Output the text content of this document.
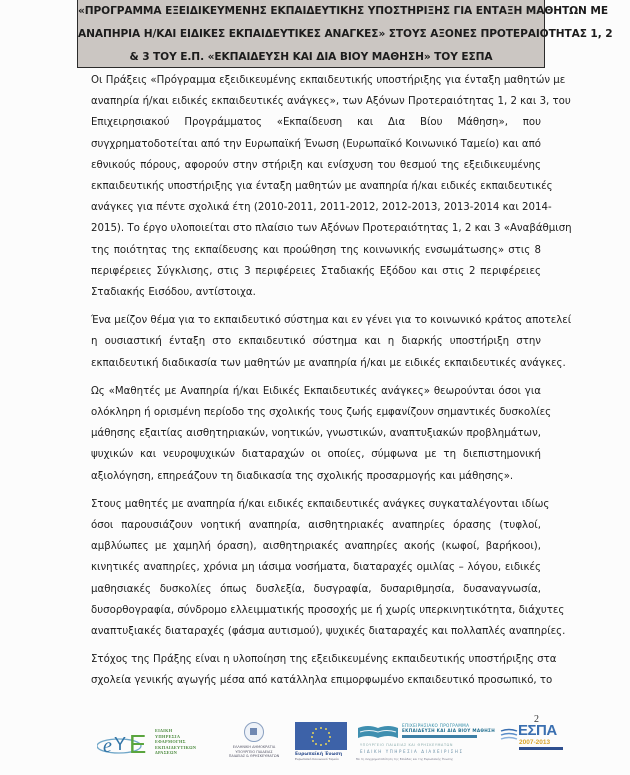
«ΠΡΟΓΡΑΜΜΑ ΕΞΕΙΔΙΚΕΥΜΕΝΗΣ ΕΚΠΑΙΔΕΥΤΙΚΗΣ ΥΠΟΣΤΗΡΙΞΗΣ ΓΙΑ ΕΝΤΑΞΗ ΜΑΘΗΤΩΝ ΜΕ
ΑΝΑΠΗΡΙΑ Η/ΚΑΙ ΕΙΔΙΚΕΣ ΕΚΠΑΙΔΕΥΤΙΚΕΣ ΑΝΑΓΚΕΣ» ΣΤΟΥΣ ΑΞΟΝΕΣ ΠΡΟΤΕΡΑΙΟΤΗΤΑΣ 1, 2
& 3 ΤΟΥ Ε.Π. «ΕΚΠΑΙΔΕΥΣΗ ΚΑΙ ΔΙΑ ΒΙΟΥ ΜΑΘΗΣΗ» ΤΟΥ ΕΣΠΑ
Οι Πράξεις «Πρόγραμμα εξειδικευμένης εκπαιδευτικής υποστήριξης για ένταξη μαθητών με
αναπηρία ή/και ειδικές εκπαιδευτικές ανάγκες», των Αξόνων Προτεραιότητας 1, 2 και 3, του
Επιχειρησιακού Προγράμματος «Εκπαίδευση και Δια Βίου Μάθηση», που
συγχρηματοδοτείται από την Ευρωπαϊκή Ένωση (Ευρωπαϊκό Κοινωνικό Ταμείο) και από
εθνικούς πόρους, αφορούν στην στήριξη και ενίσχυση του θεσμού της εξειδικευμένης
εκπαιδευτικής υποστήριξης για ένταξη μαθητών με αναπηρία ή/και ειδικές εκπαιδευτικές
ανάγκες για πέντε σχολικά έτη (2010-2011, 2011-2012, 2012-2013, 2013-2014 και 2014-
2015). Το έργο υλοποιείται στο πλαίσιο των Αξόνων Προτεραιότητας 1, 2 και 3 «Αναβάθμιση
της ποιότητας της εκπαίδευσης και προώθηση της κοινωνικής ενσωμάτωσης» στις 8
περιφέρειες Σύγκλισης, στις 3 περιφέρειες Σταδιακής Εξόδου και στις 2 περιφέρειες
Σταδιακής Εισόδου, αντίστοιχα.
Ένα μείζον θέμα για το εκπαιδευτικό σύστημα και εν γένει για το κοινωνικό κράτος αποτελεί
η ουσιαστική ένταξη στο εκπαιδευτικό σύστημα και η διαρκής υποστήριξη στην
εκπαιδευτική διαδικασία των μαθητών με αναπηρία ή/και με ειδικές εκπαιδευτικές ανάγκες.
Ως «Μαθητές με Αναπηρία ή/και Ειδικές Εκπαιδευτικές ανάγκες» θεωρούνται όσοι για
ολόκληρη ή ορισμένη περίοδο της σχολικής τους ζωής εμφανίζουν σημαντικές δυσκολίες
μάθησης εξαιτίας αισθητηριακών, νοητικών, γνωστικών, αναπτυξιακών προβλημάτων,
ψυχικών και νευροψυχικών διαταραχών οι οποίες, σύμφωνα με τη διεπιστημονική
αξιολόγηση, επηρεάζουν τη διαδικασία της σχολικής προσαρμογής και μάθησης».
Στους μαθητές με αναπηρία ή/και ειδικές εκπαιδευτικές ανάγκες συγκαταλέγονται ιδίως
όσοι παρουσιάζουν νοητική αναπηρία, αισθητηριακές αναπηρίες όρασης (τυφλοί,
αμβλύωπες με χαμηλή όραση), αισθητηριακές αναπηρίες ακοής (κωφοί, βαρήκοοι),
κινητικές αναπηρίες, χρόνια μη ιάσιμα νοσήματα, διαταραχές ομιλίας – λόγου, ειδικές
μαθησιακές δυσκολίες όπως δυσλεξία, δυσγραφία, δυσαριθμησία, δυσαναγνωσία,
δυσορθογραφία, σύνδρομο ελλειμματικής προσοχής με ή χωρίς υπερκινητικότητα, διάχυτες
αναπτυξιακές διαταραχές (φάσμα αυτισμού), ψυχικές διαταραχές και πολλαπλές αναπηρίες.
Στόχος της Πράξης είναι η υλοποίηση της εξειδικευμένης εκπαιδευτικής υποστήριξης στα
σχολεία γενικής αγωγής μέσα από κατάλληλα επιμορφωμένο εκπαιδευτικό προσωπικό, το
2
e Y E ΕΙΔΙΚΗ
ΥΠΗΡΕΣΙΑ
ΕΦΑΡΜΟΓΗΣ
ΕΚΠΑΙΔΕΥΤΙΚΩΝ
ΔΡΑΣΕΩΝ
ΕΛΛΗΝΙΚΗ ΔΗΜΟΚΡΑΤΙΑ
ΥΠΟΥΡΓΕΙΟ ΠΑΙΔΕΙΑΣ
ΠΑΙΔΕΙΑΣ & ΘΡΗΣΚΕΥΜΑΤΩΝ	Ευρωπαϊκή Ένωση
Ευρωπαϊκό Κοινωνικό Ταμείο
ΕΠΙΧΕΙΡΗΣΙΑΚΟ ΠΡΟΓΡΑΜΜΑ
ΕΚΠΑΙΔΕΥΣΗ ΚΑΙ ΔΙΑ ΒΙΟΥ ΜΑΘΗΣΗ
ΥΠΟΥΡΓΕΙΟ ΠΑΙΔΕΙΑΣ ΚΑΙ ΘΡΗΣΚΕΥΜΑΤΩΝ
ΕΙΔΙΚΗ ΥΠΗΡΕΣΙΑ ΔΙΑΧΕΙΡΙΣΗΣ
Με τη συγχρηματοδότηση της Ελλάδας και της Ευρωπαϊκής Ένωσης
ΕΣΠΑ
2007-2013
